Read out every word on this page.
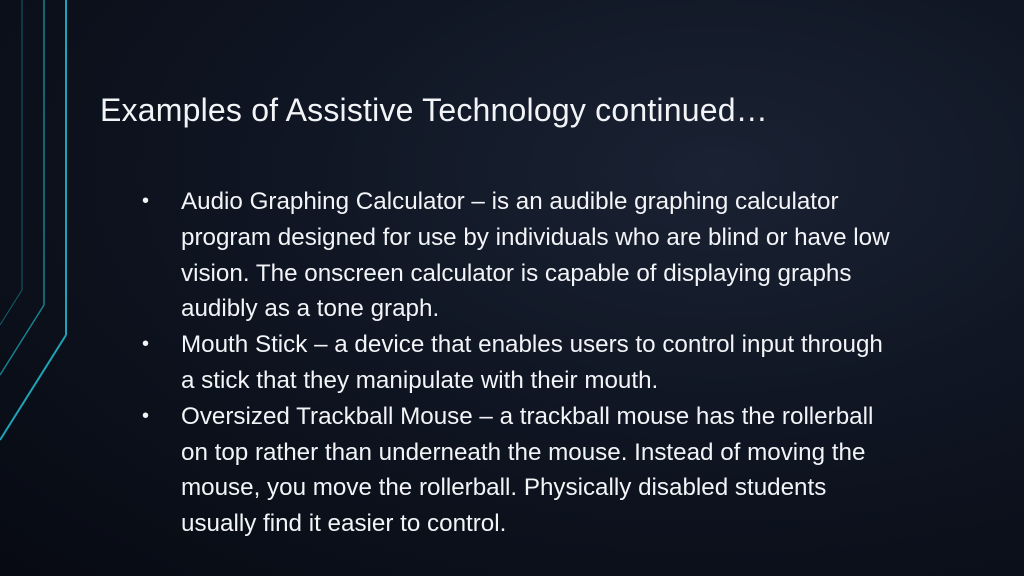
Examples of Assistive Technology continued…
• Audio Graphing Calculator – is an audible graphing calculator program designed for use by individuals who are blind or have low vision. The onscreen calculator is capable of displaying graphs audibly as a tone graph.
• Mouth Stick – a device that enables users to control input through a stick that they manipulate with their mouth.
• Oversized Trackball Mouse – a trackball mouse has the rollerball on top rather than underneath the mouse. Instead of moving the mouse, you move the rollerball. Physically disabled students usually find it easier to control.
